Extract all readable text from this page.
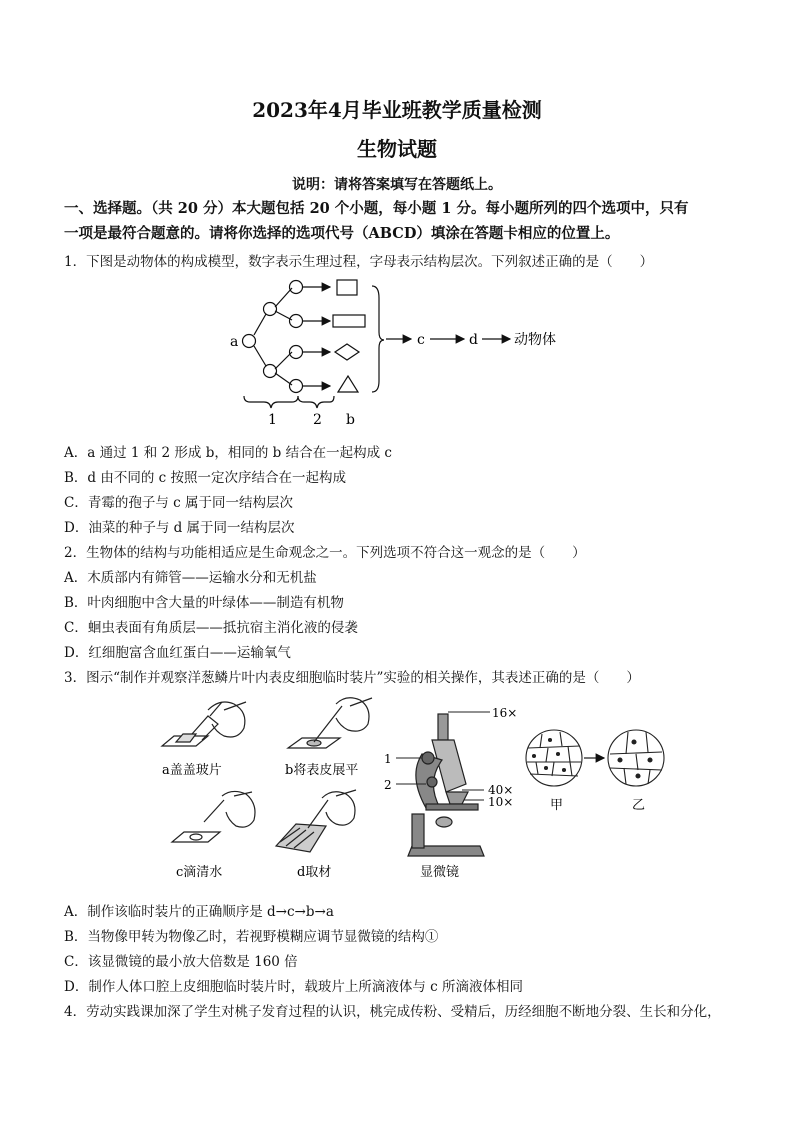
2023年4月毕业班教学质量检测
生物试题
说明：请将答案填写在答题纸上。
一、选择题。（共 20 分）本大题包括 20 个小题，每小题 1 分。每小题所列的四个选项中，只有
一项是最符合题意的。请将你选择的选项代号（ABCD）填涂在答题卡相应的位置上。
1．下图是动物体的构成模型，数字表示生理过程，字母表示结构层次。下列叙述正确的是（　　）
a
1	2 b
c	d	动物体
A．a 通过 1 和 2 形成 b，相同的 b 结合在一起构成 c
B．d 由不同的 c 按照一定次序结合在一起构成
C．青霉的孢子与 c 属于同一结构层次
D．油菜的种子与 d 属于同一结构层次
2．生物体的结构与功能相适应是生命观念之一。下列选项不符合这一观念的是（　　）
A．木质部内有筛管——运输水分和无机盐
B．叶肉细胞中含大量的叶绿体——制造有机物
C．蛔虫表面有角质层——抵抗宿主消化液的侵袭
D．红细胞富含血红蛋白——运输氧气
3．图示“制作并观察洋葱鳞片叶内表皮细胞临时装片”实验的相关操作，其表述正确的是（　　）
a盖盖玻片	b将表皮展平
c滴清水	d取材
16×
1
2	40×
10×
显微镜
甲	乙
A．制作该临时装片的正确顺序是 d→c→b→a
B．当物像甲转为物像乙时，若视野模糊应调节显微镜的结构①
C．该显微镜的最小放大倍数是 160 倍
D．制作人体口腔上皮细胞临时装片时，载玻片上所滴液体与 c 所滴液体相同
4．劳动实践课加深了学生对桃子发育过程的认识，桃完成传粉、受精后，历经细胞不断地分裂、生长和分化，
